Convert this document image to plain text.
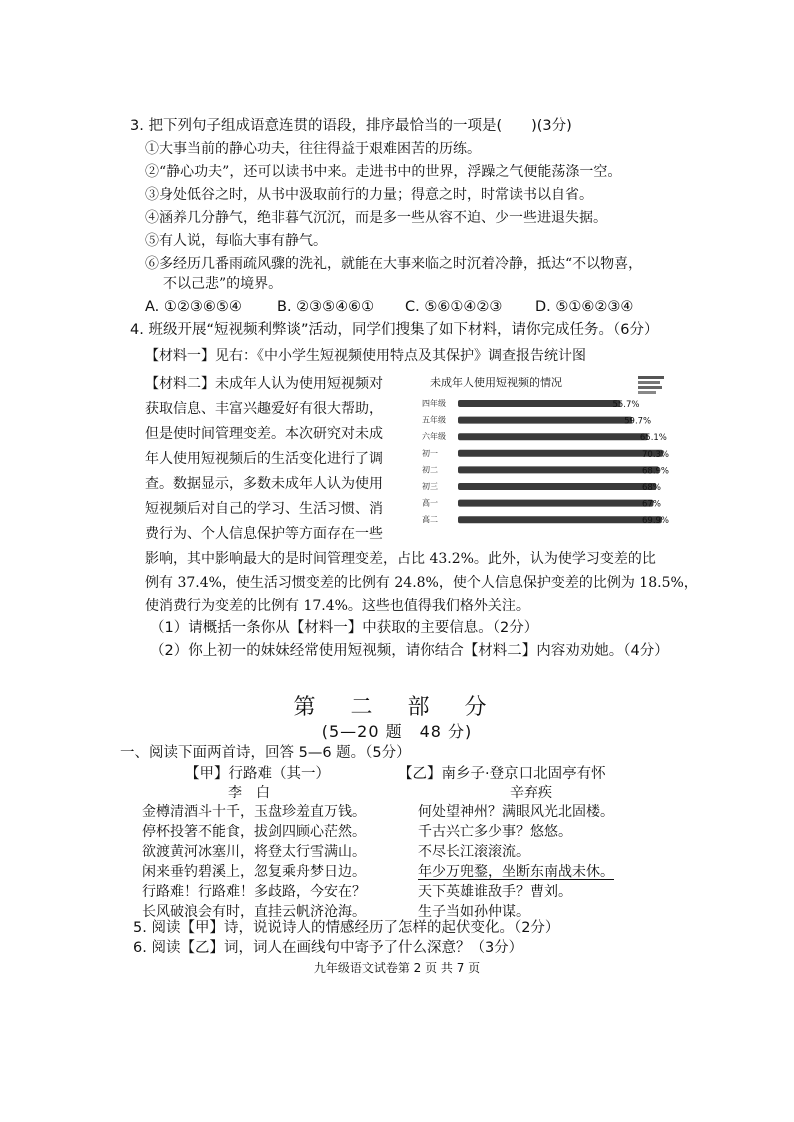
3. 把下列句子组成语意连贯的语段，排序最恰当的一项是(　　)(3分)
①大事当前的静心功夫，往往得益于艰难困苦的历练。
②“静心功夫”，还可以读书中来。走进书中的世界，浮躁之气便能荡涤一空。
③身处低谷之时，从书中汲取前行的力量；得意之时，时常读书以自省。
④涵养几分静气，绝非暮气沉沉，而是多一些从容不迫、少一些进退失据。
⑤有人说，每临大事有静气。
⑥多经历几番雨疏风骤的洗礼，就能在大事来临之时沉着冷静，抵达“不以物喜，
不以己悲”的境界。
A. ①②③⑥⑤④ B. ②③⑤④⑥① C. ⑤⑥①④②③ D. ⑤①⑥②③④
4. 班级开展“短视频利弊谈”活动，同学们搜集了如下材料，请你完成任务。（6分）
【材料一】见右：《中小学生短视频使用特点及其保护》调查报告统计图
【材料二】未成年人认为使用短视频对
获取信息、丰富兴趣爱好有很大帮助，
但是使时间管理变差。本次研究对未成
年人使用短视频后的生活变化进行了调
查。数据显示，多数未成年人认为使用
短视频后对自己的学习、生活习惯、消
费行为、个人信息保护等方面存在一些
未成年人使用短视频的情况
四年级	55.7%
五年级	59.7%
六年级	65.1%
初一	70.3%
初二	68.9%
初三	68%
高一	67%
高二	69.9%
影响，其中影响最大的是时间管理变差，占比 43.2%。此外，认为使学习变差的比
例有 37.4%，使生活习惯变差的比例有 24.8%，使个人信息保护变差的比例为 18.5%，
使消费行为变差的比例有 17.4%。这些也值得我们格外关注。
（1）请概括一条你从【材料一】中获取的主要信息。（2分）
（2）你上初一的妹妹经常使用短视频，请你结合【材料二】内容劝劝她。（4分）
第 二 部 分
(5—20 题　48 分)
一、阅读下面两首诗，回答 5—6 题。（5分）
【甲】行路难（其一）
李　白
金樽清酒斗十千，玉盘珍羞直万钱。
停杯投箸不能食，拔剑四顾心茫然。
欲渡黄河冰塞川，将登太行雪满山。
闲来垂钓碧溪上，忽复乘舟梦日边。
行路难！行路难！多歧路，今安在？
长风破浪会有时，直挂云帆济沧海。
【乙】南乡子·登京口北固亭有怀
辛弃疾
何处望神州？满眼风光北固楼。
千古兴亡多少事？悠悠。
不尽长江滚滚流。
年少万兜鍪，坐断东南战未休。
天下英雄谁敌手？曹刘。
生子当如孙仲谋。
5. 阅读【甲】诗，说说诗人的情感经历了怎样的起伏变化。（2分）
6. 阅读【乙】词，词人在画线句中寄予了什么深意？（3分）
九年级语文试卷第 2 页 共 7 页
